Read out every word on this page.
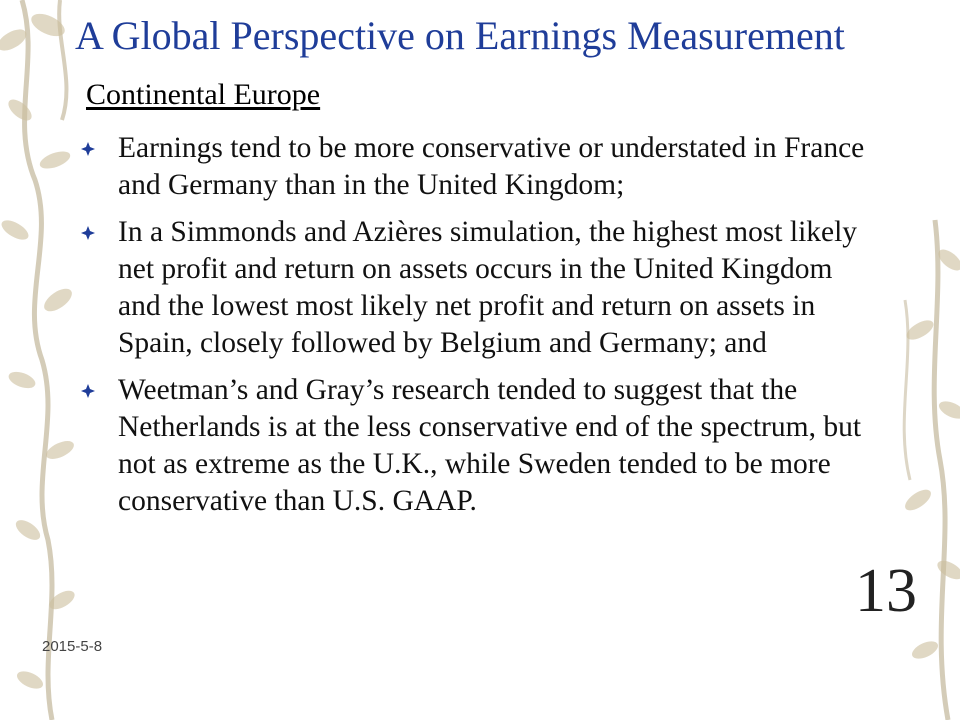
A Global Perspective on Earnings Measurement
Continental Europe
Earnings tend to be more conservative or understated in France and Germany than in the United Kingdom;
In a Simmonds and Azières simulation, the highest most likely net profit and return on assets occurs in the United Kingdom and the lowest most likely net profit and return on assets in Spain, closely followed by Belgium and Germany; and
Weetman’s and Gray’s research tended to suggest that the Netherlands is at the less conservative end of the spectrum, but not as extreme as the U.K., while Sweden tended to be more conservative than U.S. GAAP.
13
2015-5-8
